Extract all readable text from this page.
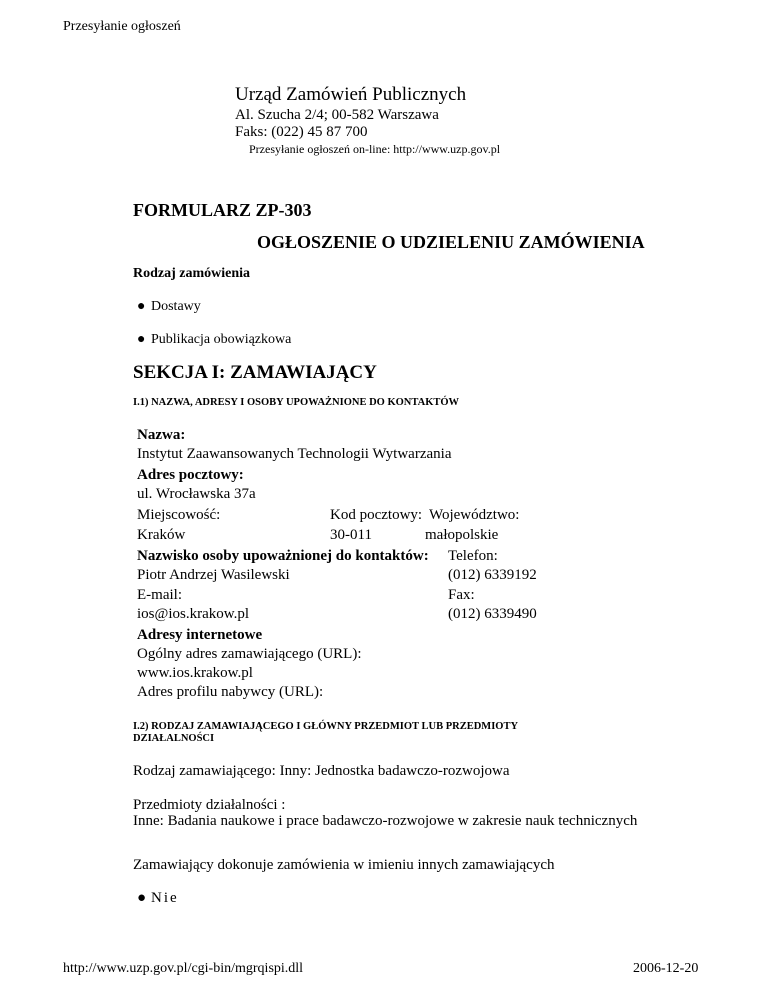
Przesyłanie ogłoszeń
Urząd Zamówień Publicznych
Al. Szucha 2/4; 00-582 Warszawa
Faks: (022) 45 87 700
Przesyłanie ogłoszeń on-line: http://www.uzp.gov.pl
FORMULARZ ZP-303
OGŁOSZENIE O UDZIELENIU ZAMÓWIENIA
Rodzaj zamówienia
● Dostawy
● Publikacja obowiązkowa
SEKCJA I: ZAMAWIAJĄCY
I.1) NAZWA, ADRESY I OSOBY UPOWAŻNIONE DO KONTAKTÓW
Nazwa:
Instytut Zaawansowanych Technologii Wytwarzania
Adres pocztowy:
ul. Wrocławska 37a
Miejscowość:	Kod pocztowy: Województwo:
Kraków	30-011	małopolskie
Nazwisko osoby upoważnionej do kontaktów: Telefon:
Piotr Andrzej Wasilewski	(012) 6339192
E-mail:	Fax:
ios@ios.krakow.pl	(012) 6339490
Adresy internetowe
Ogólny adres zamawiającego (URL):
www.ios.krakow.pl
Adres profilu nabywcy (URL):
I.2) RODZAJ ZAMAWIAJĄCEGO I GŁÓWNY PRZEDMIOT LUB PRZEDMIOTY
DZIAŁALNOŚCI
Rodzaj zamawiającego: Inny: Jednostka badawczo-rozwojowa
Przedmioty działalności :
Inne: Badania naukowe i prace badawczo-rozwojowe w zakresie nauk technicznych
Zamawiający dokonuje zamówienia w imieniu innych zamawiających
● Nie
http://www.uzp.gov.pl/cgi-bin/mgrqispi.dll	2006-12-20
